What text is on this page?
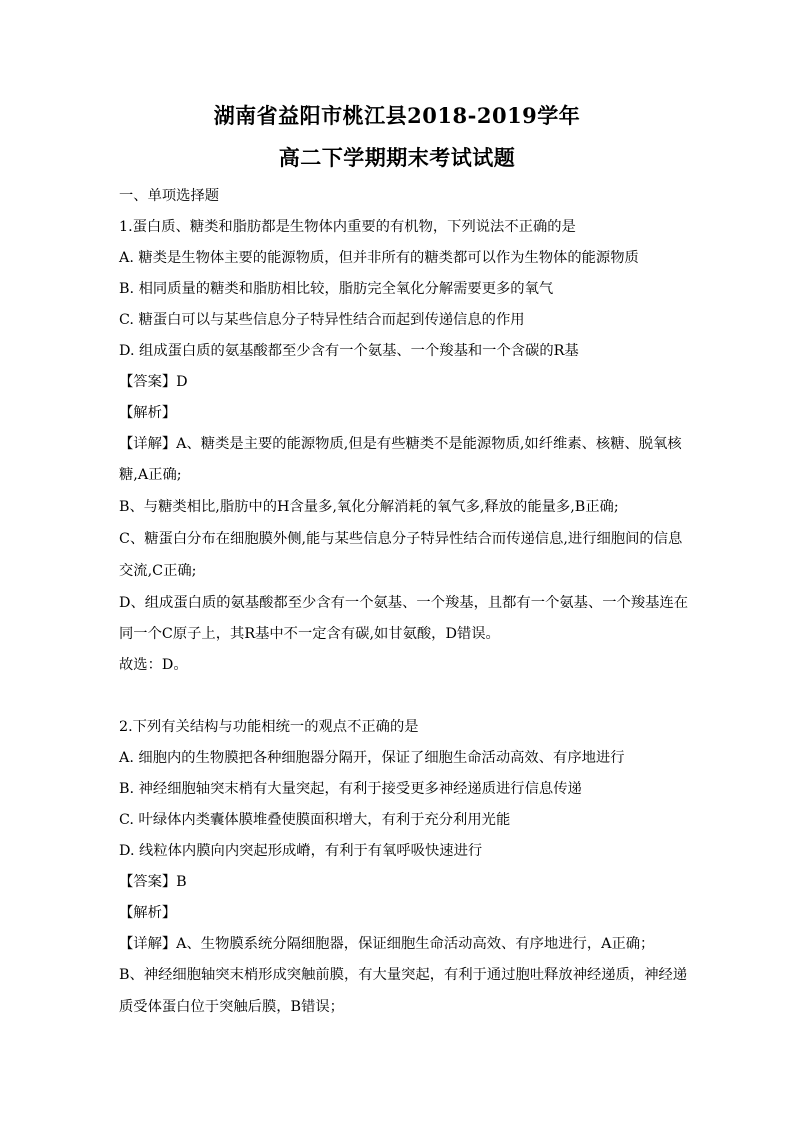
湖南省益阳市桃江县2018-2019学年
高二下学期期末考试试题
一、单项选择题
1.蛋白质、糖类和脂肪都是生物体内重要的有机物，下列说法不正确的是
A. 糖类是生物体主要的能源物质，但并非所有的糖类都可以作为生物体的能源物质
B. 相同质量的糖类和脂肪相比较，脂肪完全氧化分解需要更多的氧气
C. 糖蛋白可以与某些信息分子特异性结合而起到传递信息的作用
D. 组成蛋白质的氨基酸都至少含有一个氨基、一个羧基和一个含碳的R基
【答案】D
【解析】
【详解】A、糖类是主要的能源物质,但是有些糖类不是能源物质,如纤维素、核糖、脱氧核
糖,A正确;
B、与糖类相比,脂肪中的H含量多,氧化分解消耗的氧气多,释放的能量多,B正确;
C、糖蛋白分布在细胞膜外侧,能与某些信息分子特异性结合而传递信息,进行细胞间的信息
交流,C正确;
D、组成蛋白质的氨基酸都至少含有一个氨基、一个羧基，且都有一个氨基、一个羧基连在
同一个C原子上，其R基中不一定含有碳,如甘氨酸，D错误。
故选：D。
2.下列有关结构与功能相统一的观点不正确的是
A. 细胞内的生物膜把各种细胞器分隔开，保证了细胞生命活动高效、有序地进行
B. 神经细胞轴突末梢有大量突起，有利于接受更多神经递质进行信息传递
C. 叶绿体内类囊体膜堆叠使膜面积增大，有利于充分利用光能
D. 线粒体内膜向内突起形成嵴，有利于有氧呼吸快速进行
【答案】B
【解析】
【详解】A、生物膜系统分隔细胞器，保证细胞生命活动高效、有序地进行，A正确；
B、神经细胞轴突末梢形成突触前膜，有大量突起，有利于通过胞吐释放神经递质，神经递
质受体蛋白位于突触后膜，B错误；
